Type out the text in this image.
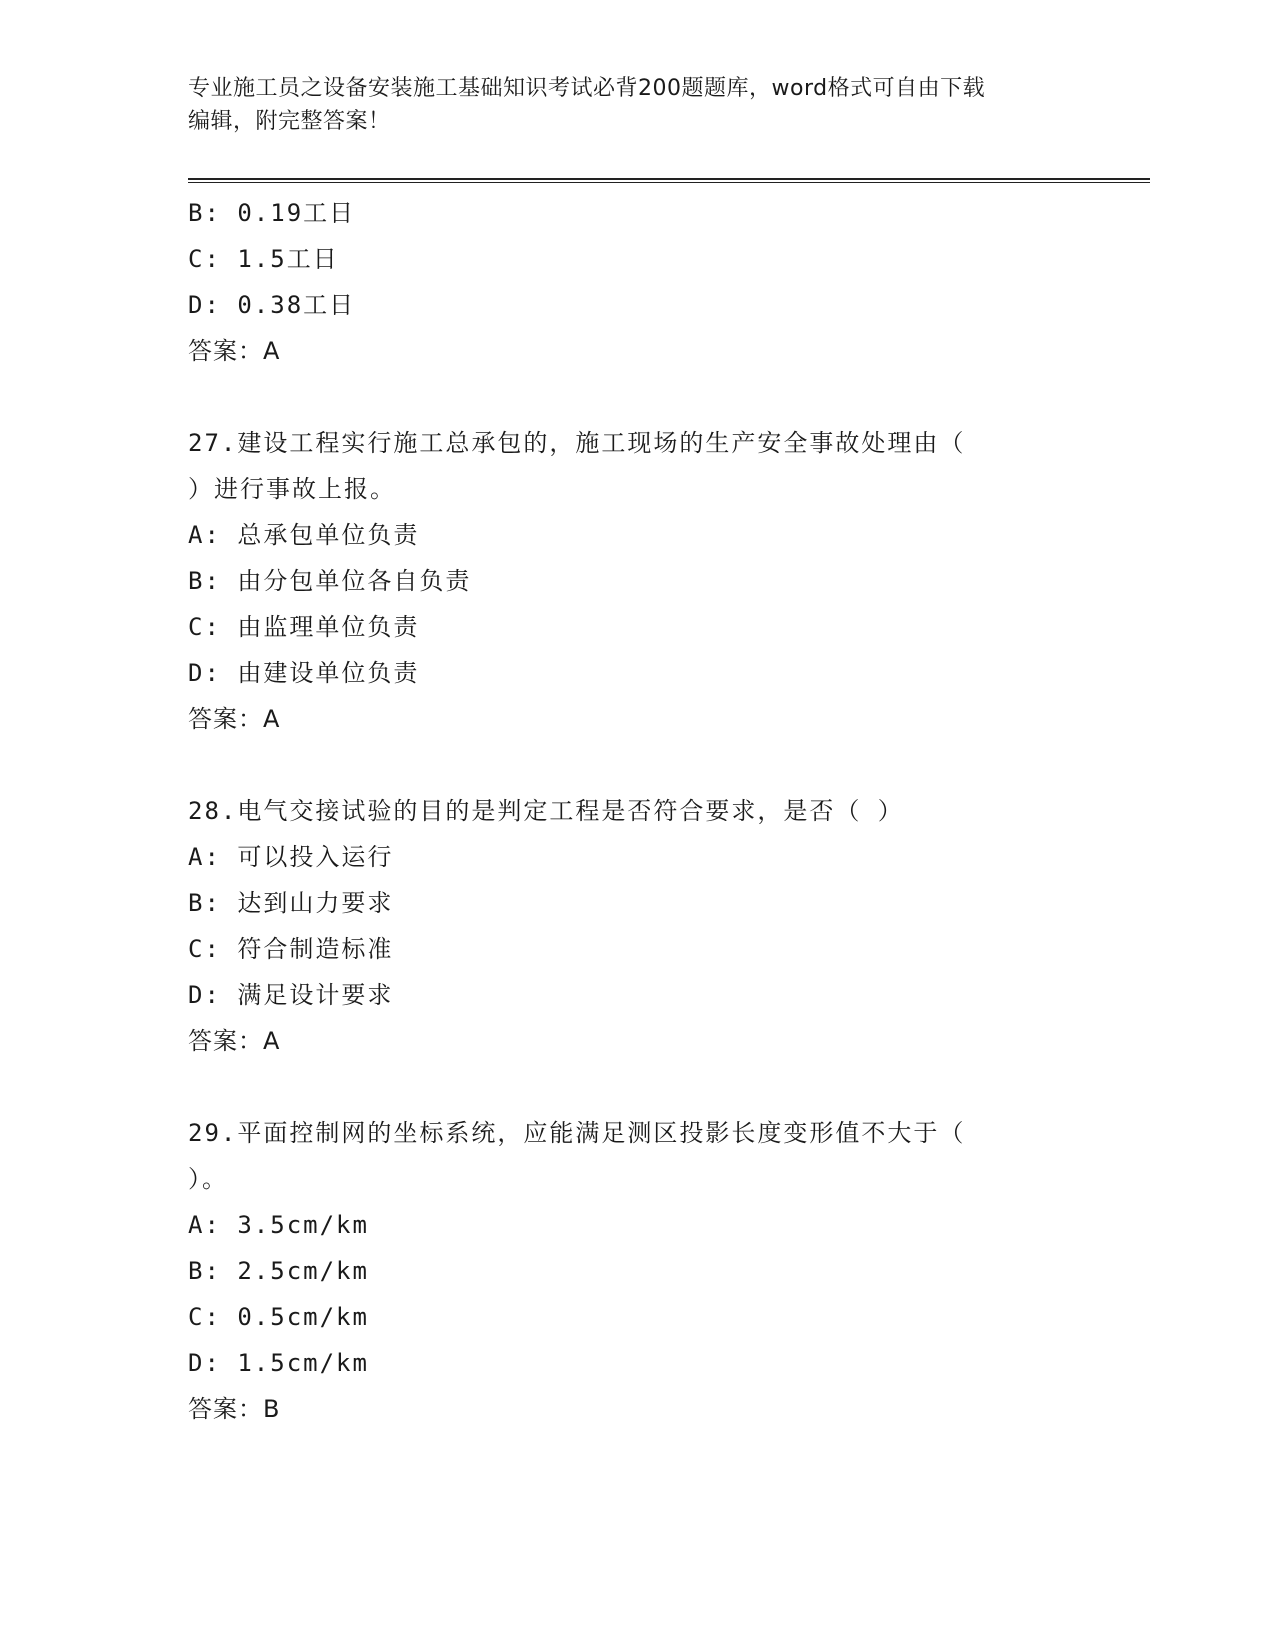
专业施工员之设备安装施工基础知识考试必背200题题库，word格式可自由下载
编辑，附完整答案！
B: 0.19工日
C: 1.5工日
D: 0.38工日
答案：A
27.建设工程实行施工总承包的，施工现场的生产安全事故处理由（
）进行事故上报。
A: 总承包单位负责
B: 由分包单位各自负责
C: 由监理单位负责
D: 由建设单位负责
答案：A
28.电气交接试验的目的是判定工程是否符合要求，是否（ ）
A: 可以投入运行
B: 达到山力要求
C: 符合制造标准
D: 满足设计要求
答案：A
29.平面控制网的坐标系统，应能满足测区投影长度变形值不大于（
）。
A: 3.5cm/km
B: 2.5cm/km
C: 0.5cm/km
D: 1.5cm/km
答案：B
